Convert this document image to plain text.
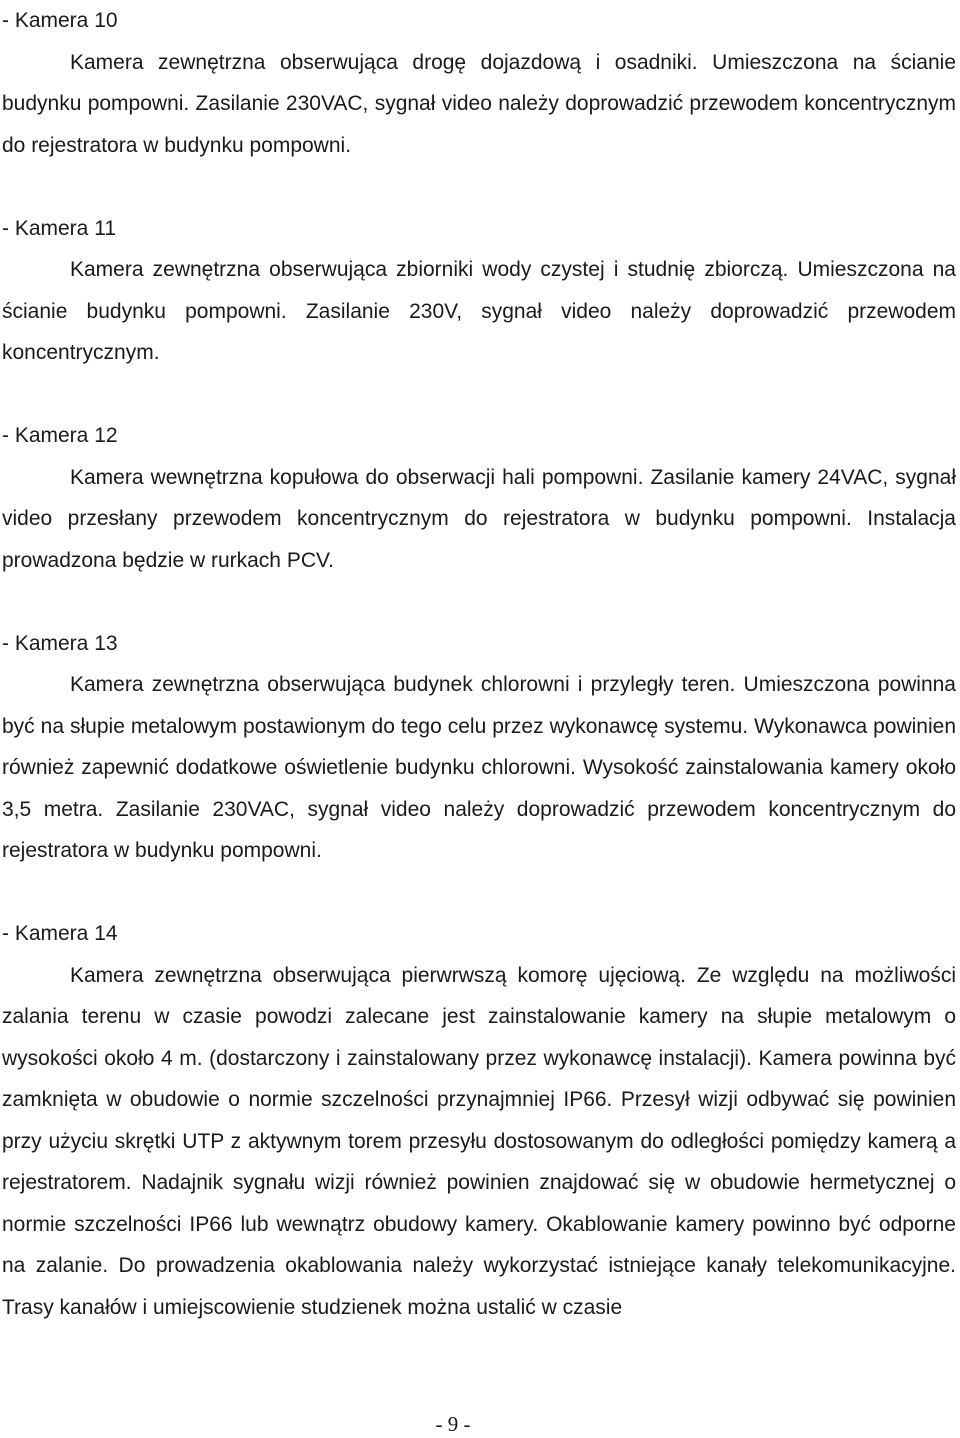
- Kamera 10

Kamera zewnętrzna obserwująca drogę dojazdową i osadniki. Umieszczona na ścianie budynku pompowni. Zasilanie 230VAC, sygnał video należy doprowadzić przewodem koncentrycznym do rejestratora w budynku pompowni.

- Kamera 11

Kamera zewnętrzna obserwująca zbiorniki wody czystej i studnię zbiorczą. Umieszczona na ścianie budynku pompowni. Zasilanie 230V, sygnał video należy doprowadzić przewodem koncentrycznym.

- Kamera 12

Kamera wewnętrzna kopułowa do obserwacji hali pompowni. Zasilanie kamery 24VAC, sygnał video przesłany przewodem koncentrycznym do rejestratora w budynku pompowni. Instalacja prowadzona będzie w rurkach PCV.

- Kamera 13

Kamera zewnętrzna obserwująca budynek chlorowni i przyległy teren. Umieszczona powinna być na słupie metalowym postawionym do tego celu przez wykonawcę systemu. Wykonawca powinien również zapewnić dodatkowe oświetlenie budynku chlorowni. Wysokość zainstalowania kamery około 3,5 metra. Zasilanie 230VAC, sygnał video należy doprowadzić przewodem koncentrycznym do rejestratora w budynku pompowni.

- Kamera 14

Kamera zewnętrzna obserwująca pierwrwszą komorę ujęciową. Ze względu na możliwości zalania terenu w czasie powodzi zalecane jest zainstalowanie kamery na słupie metalowym o wysokości około 4 m. (dostarczony i zainstalowany przez wykonawcę instalacji). Kamera powinna być zamknięta w obudowie o normie szczelności przynajmniej IP66. Przesył wizji odbywać się powinien przy użyciu skrętki UTP z aktywnym torem przesyłu dostosowanym do odległości pomiędzy kamerą a rejestratorem. Nadajnik sygnału wizji również powinien znajdować się w obudowie hermetycznej o normie szczelności IP66 lub wewnątrz obudowy kamery. Okablowanie kamery powinno być odporne na zalanie. Do prowadzenia okablowania należy wykorzystać istniejące kanały telekomunikacyjne. Trasy kanałów i umiejscowienie studzienek można ustalić w czasie

- 9 -
